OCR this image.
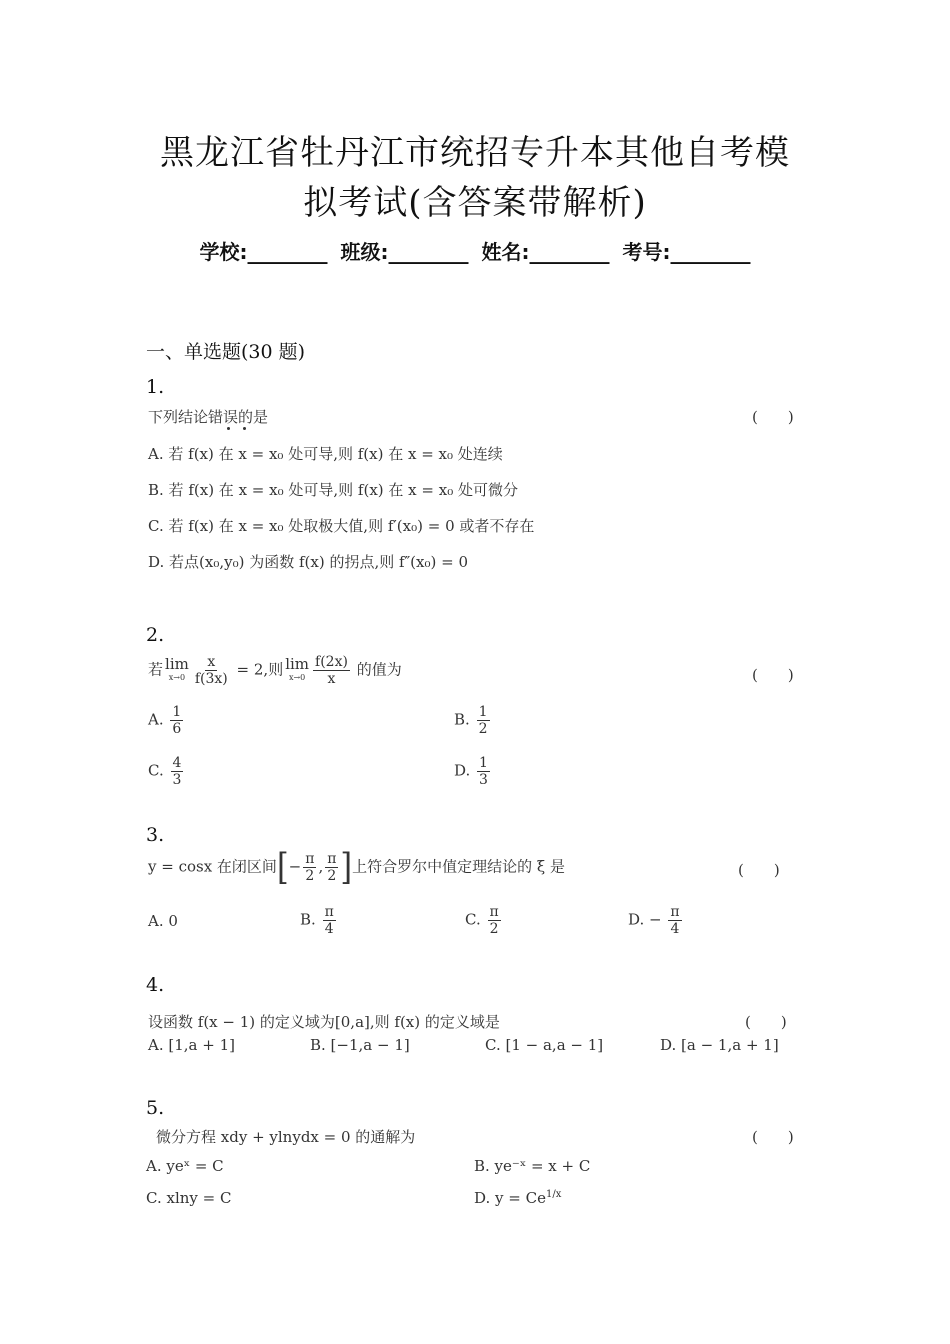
黑龙江省牡丹江市统招专升本其他自考模
拟考试(含答案带解析)
学校:________ 班级:________ 姓名:________ 考号:________
一、单选题(30 题)
1.
下列结论错误的是	(　　)
A. 若 f(x) 在 x = x₀ 处可导,则 f(x) 在 x = x₀ 处连续
B. 若 f(x) 在 x = x₀ 处可导,则 f(x) 在 x = x₀ 处可微分
C. 若 f(x) 在 x = x₀ 处取极大值,则 f′(x₀) = 0 或者不存在
D. 若点(x₀,y₀) 为函数 f(x) 的拐点,则 f″(x₀) = 0
2.
若 lim
$x\to 0 \frac{x}{f(3x)} = 2$,则 lim
$x\to 0 \frac{f(2x)}{x}$ 的值为	(　　)
A. $\frac{1}{6}$	B. $\frac{1}{2}$
C. $\frac{4}{3}$	D. $\frac{1}{3}$
3.
y = cosx 在闭区间[− $\frac{\pi}{2}$ , $\frac{\pi}{2}$ ]上符合罗尔中值定理结论的 ξ 是	(　　)
A. 0	B. $\frac{\pi}{4}$	C. $\frac{\pi}{2}$	D. − $\frac{\pi}{4}$
4.
设函数 f(x − 1) 的定义域为[0,a],则 f(x) 的定义域是	(　　)
A. [1,a + 1]	B. [−1,a − 1]	C. [1 − a,a − 1]	D. [a − 1,a + 1]
5.
微分方程 xdy + ylnydx = 0 的通解为	(　　)
A. yeˣ = C	B. ye⁻ˣ = x + C
C. xlny = C	D. $y = Ce^{1/x}$
